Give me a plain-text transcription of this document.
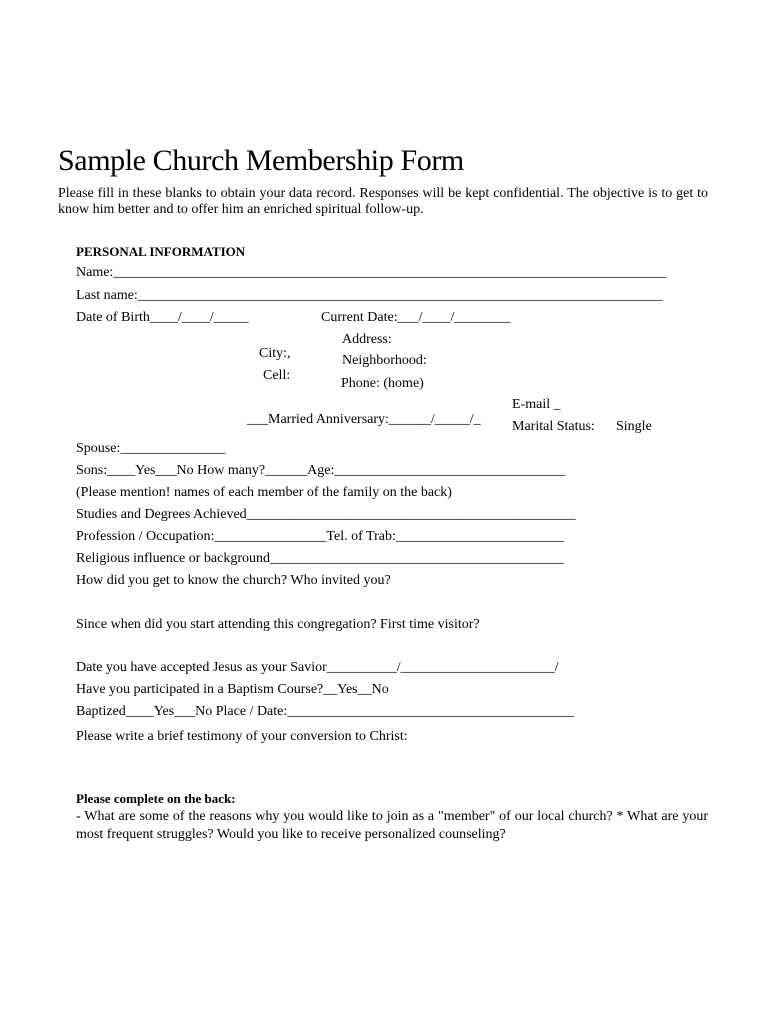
Sample Church Membership Form
Please fill in these blanks to obtain your data record. Responses will be kept confidential. The objective is to get to know him better and to offer him an enriched spiritual follow-up.
PERSONAL INFORMATION
Name:_______________________________________________________________________________
Last name:___________________________________________________________________________
Date of Birth____/____/_____	Current Date:___/____/________
Address:
City:,	Neighborhood:
Cell:
Phone: (home)
E-mail _
___Married Anniversary:______/_____/_ Marital Status: Single
Spouse:_______________
Sons:____Yes___No How many?______Age:_________________________________
(Please mention! names of each member of the family on the back)
Studies and Degrees Achieved_______________________________________________
Profession / Occupation:________________Tel. of Trab:________________________
Religious influence or background__________________________________________
How did you get to know the church? Who invited you?
Since when did you start attending this congregation? First time visitor?
Date you have accepted Jesus as your Savior__________/______________________/
Have you participated in a Baptism Course?__Yes__No
Baptized____Yes___No Place / Date:_________________________________________
Please write a brief testimony of your conversion to Christ:
Please complete on the back:
- What are some of the reasons why you would like to join as a "member" of our local church? * What are your most frequent struggles? Would you like to receive personalized counseling?
